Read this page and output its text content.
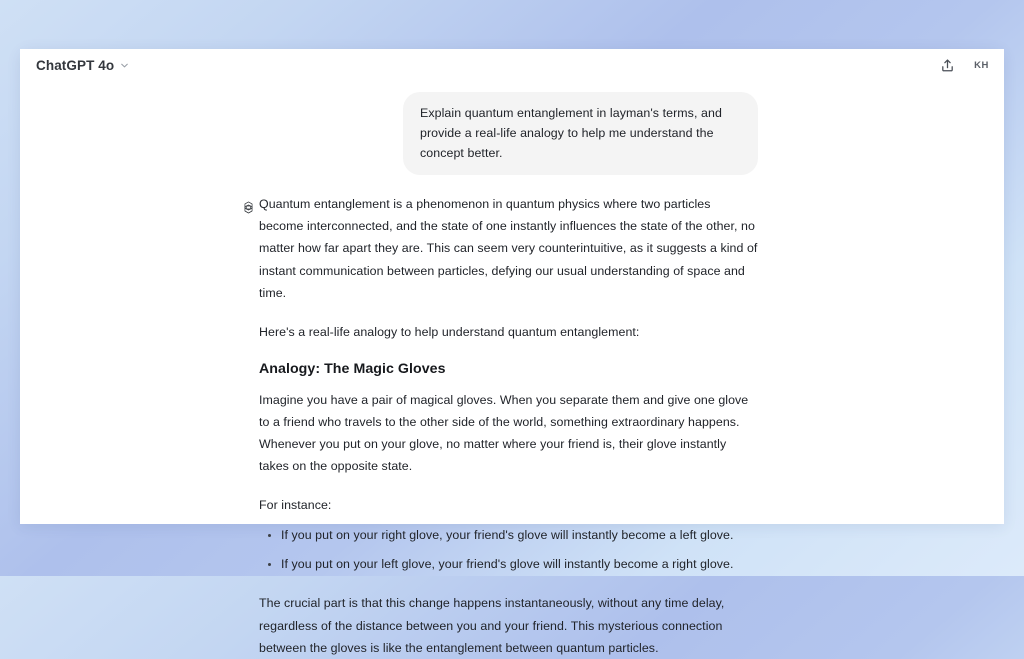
ChatGPT 4o	KH
Explain quantum entanglement in layman's terms, and provide a real-life analogy to help me understand the concept better.

Quantum entanglement is a phenomenon in quantum physics where two particles become interconnected, and the state of one instantly influences the state of the other, no matter how far apart they are. This can seem very counterintuitive, as it suggests a kind of instant communication between particles, defying our usual understanding of space and time.

Here's a real-life analogy to help understand quantum entanglement:

Analogy: The Magic Gloves

Imagine you have a pair of magical gloves. When you separate them and give one glove to a friend who travels to the other side of the world, something extraordinary happens. Whenever you put on your glove, no matter where your friend is, their glove instantly takes on the opposite state.

For instance:

If you put on your right glove, your friend's glove will instantly become a left glove.
If you put on your left glove, your friend's glove will instantly become a right glove.

The crucial part is that this change happens instantaneously, without any time delay, regardless of the distance between you and your friend. This mysterious connection between the gloves is like the entanglement between quantum particles.
